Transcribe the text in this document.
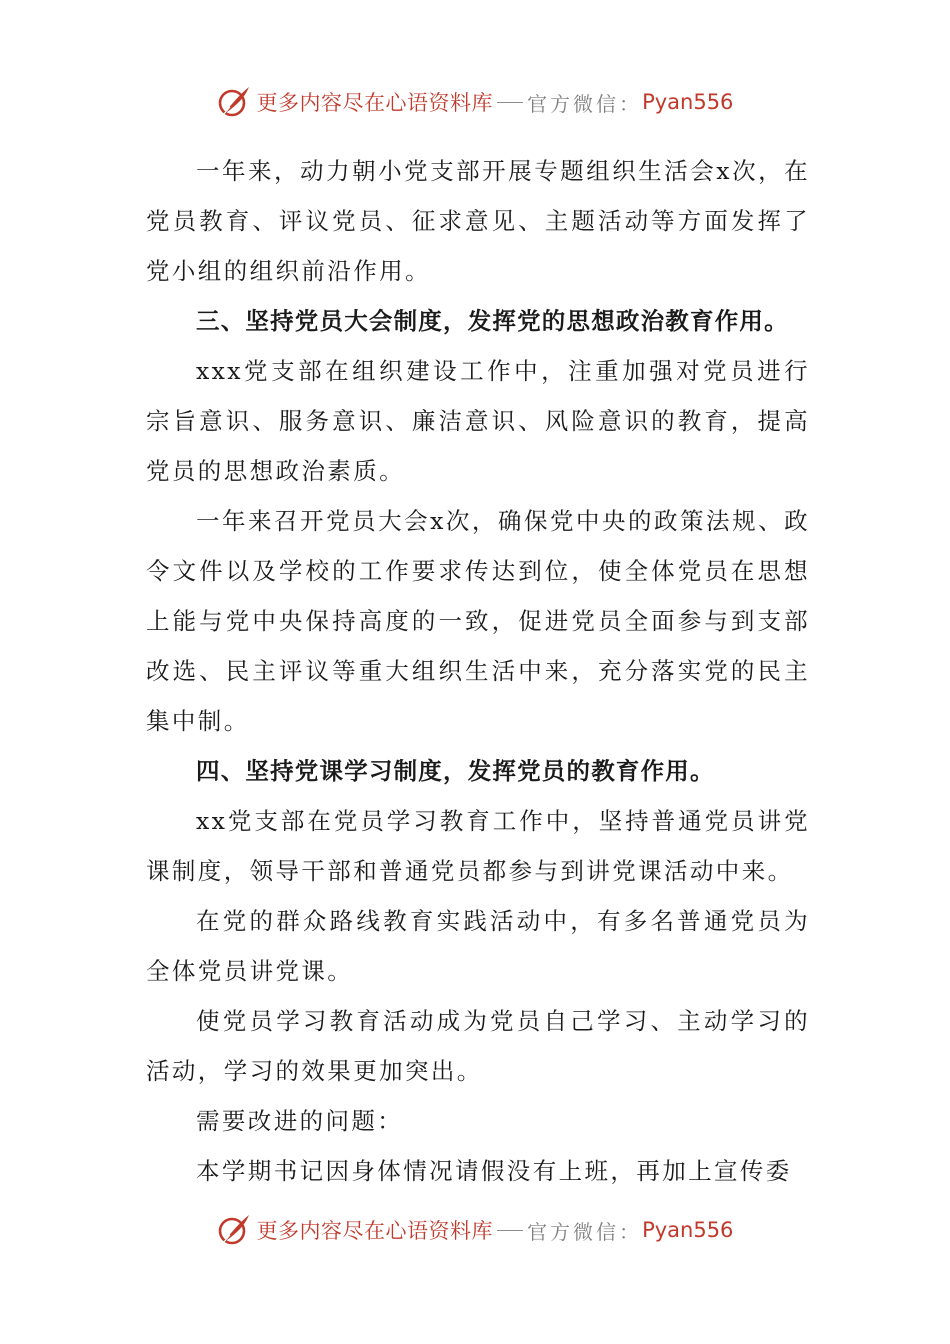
更多内容尽在心语资料库 官方微信： Pyan556

一年来，动力朝小党支部开展专题组织生活会x次，在党员教育、评议党员、征求意见、主题活动等方面发挥了党小组的组织前沿作用。

三、坚持党员大会制度，发挥党的思想政治教育作用。

xxx党支部在组织建设工作中，注重加强对党员进行宗旨意识、服务意识、廉洁意识、风险意识的教育，提高党员的思想政治素质。

一年来召开党员大会x次，确保党中央的政策法规、政令文件以及学校的工作要求传达到位，使全体党员在思想上能与党中央保持高度的一致，促进党员全面参与到支部改选、民主评议等重大组织生活中来，充分落实党的民主集中制。

四、坚持党课学习制度，发挥党员的教育作用。

xx党支部在党员学习教育工作中，坚持普通党员讲党课制度，领导干部和普通党员都参与到讲党课活动中来。

在党的群众路线教育实践活动中，有多名普通党员为全体党员讲党课。

使党员学习教育活动成为党员自己学习、主动学习的活动，学习的效果更加突出。

需要改进的问题：

本学期书记因身体情况请假没有上班，再加上宣传委

更多内容尽在心语资料库 官方微信： Pyan556
